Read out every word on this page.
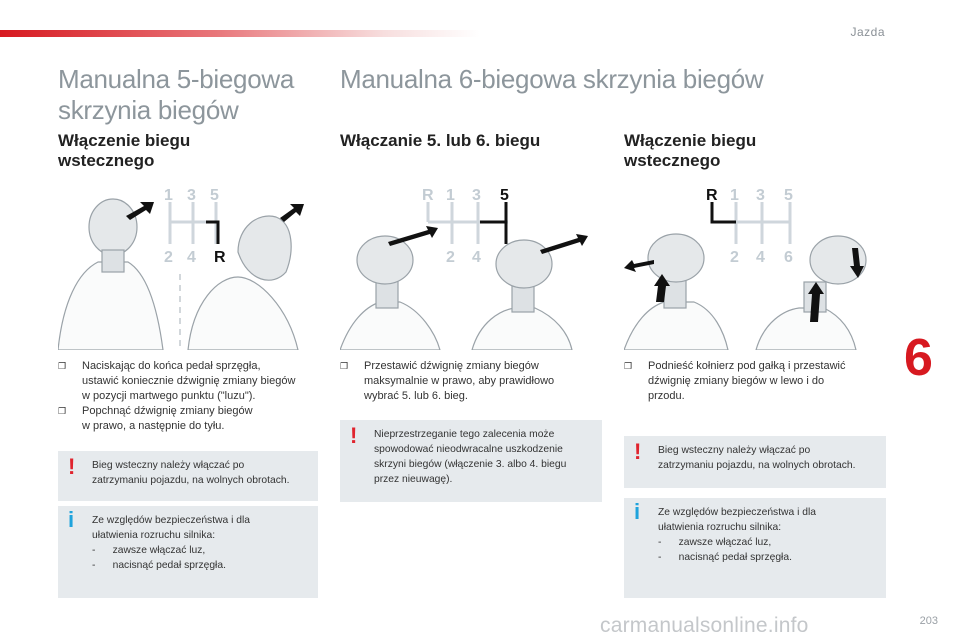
Jazda
Manualna 5-biegowa
skrzynia biegów
Włączenie biegu
wstecznego
1 3 5
2 4 R
❒	Naciskając do końca pedał sprzęgła,
ustawić koniecznie dźwignię zmiany biegów
w pozycji martwego punktu ("luzu").
❒	Popchnąć dźwignię zmiany biegów
w prawo, a następnie do tyłu.
! Bieg wsteczny należy włączać po
zatrzymaniu pojazdu, na wolnych obrotach.
i Ze względów bezpieczeństwa i dla
ułatwienia rozruchu silnika:
-      zawsze włączać luz,
-      nacisnąć pedał sprzęgła.
Manualna 6-biegowa skrzynia biegów
Włączanie 5. lub 6. biegu
R 1 3 5
2 4
❒	Przestawić dźwignię zmiany biegów
maksymalnie w prawo, aby prawidłowo
wybrać 5. lub 6. bieg.
! Nieprzestrzeganie tego zalecenia może
spowodować nieodwracalne uszkodzenie
skrzyni biegów (włączenie 3. albo 4. biegu
przez nieuwagę).
Włączenie biegu
wstecznego
R 1 3 5
2 4 6
❒	Podnieść kołnierz pod gałką i przestawić
dźwignię zmiany biegów w lewo i do
przodu.
! Bieg wsteczny należy włączać po
zatrzymaniu pojazdu, na wolnych obrotach.
i Ze względów bezpieczeństwa i dla
ułatwienia rozruchu silnika:
-      zawsze włączać luz,
-      nacisnąć pedał sprzęgła.
6
203
carmanualsonline.info
